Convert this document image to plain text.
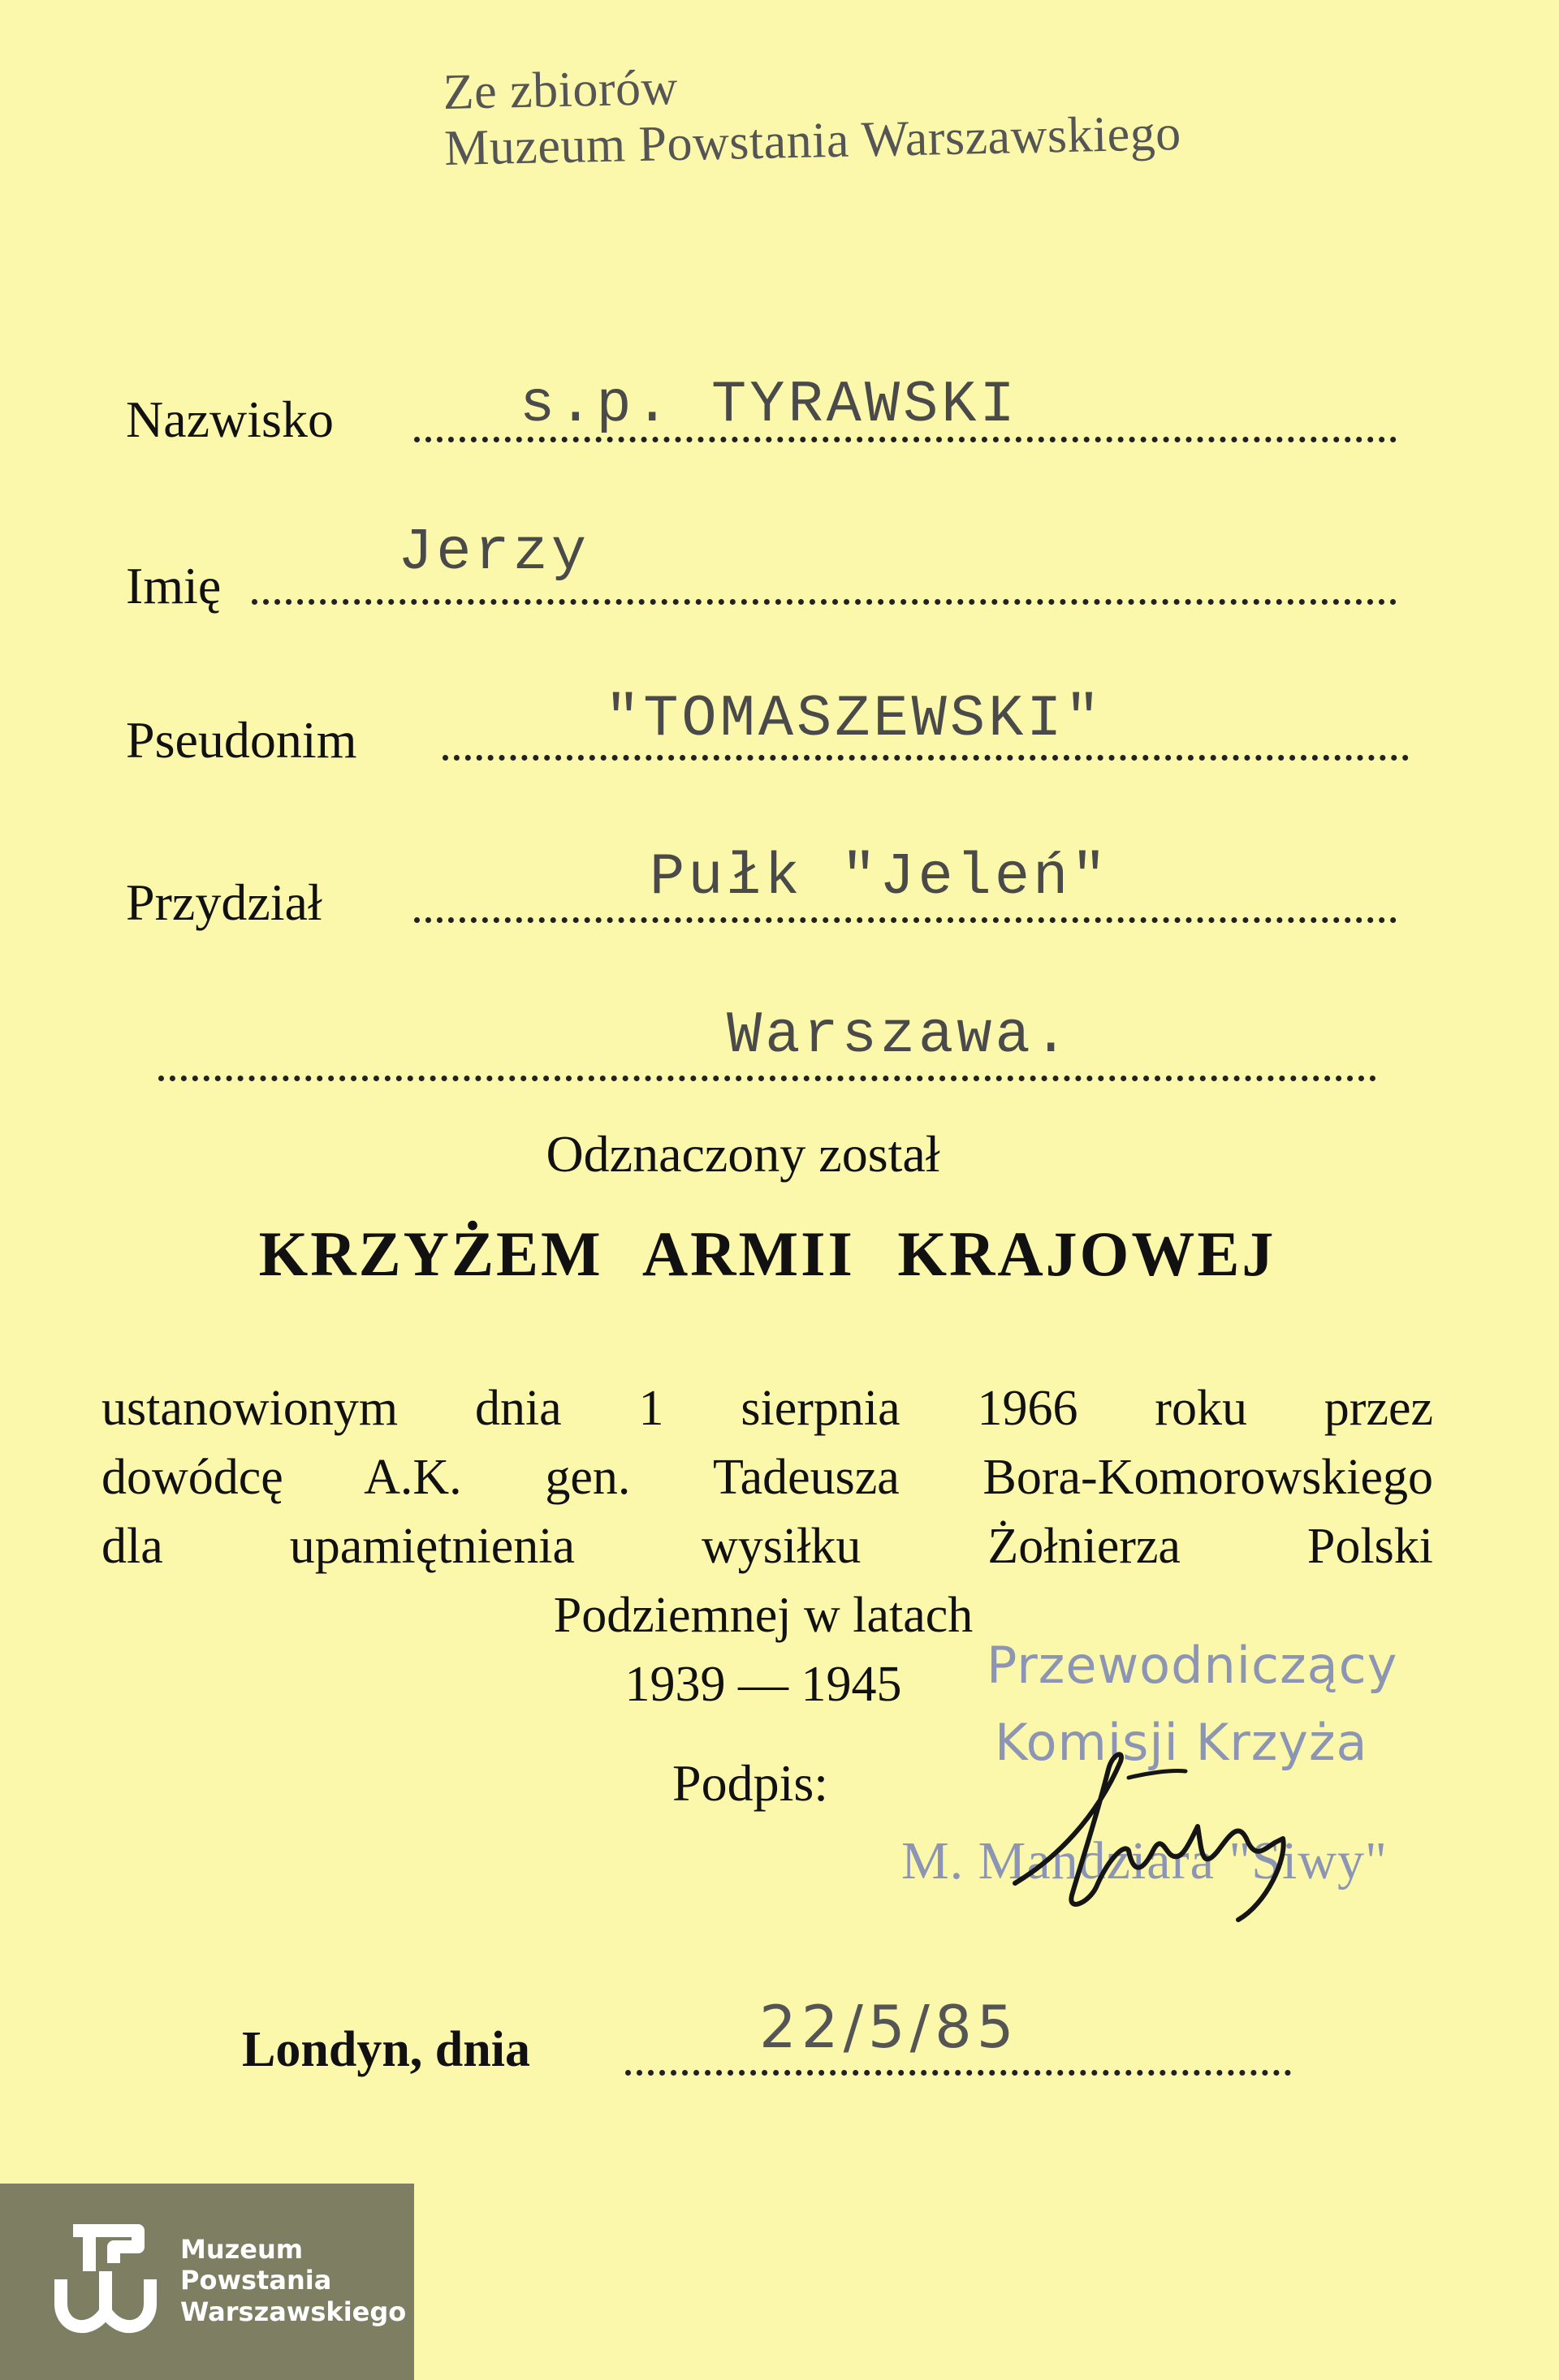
Ze zbiorów
Muzeum Powstania Warszawskiego
Nazwisko	s.p. TYRAWSKI
Imię	Jerzy
Pseudonim	"TOMASZEWSKI"
Przydział	Pułk "Jeleń"
Warszawa.
Odznaczony został
KRZYŻEM ARMII KRAJOWEJ
ustanowionym dnia 1 sierpnia 1966 roku przez
dowódcę A.K. gen. Tadeusza Bora-Komorowskiego
dla upamiętnienia wysiłku Żołnierza Polski
Podziemnej w latach
1939 — 1945	Przewodniczący
Komisji Krzyża
M. Mandziara "Siwy"
Podpis:
Londyn, dnia	22/5/85
Muzeum
Powstania
Warszawskiego
